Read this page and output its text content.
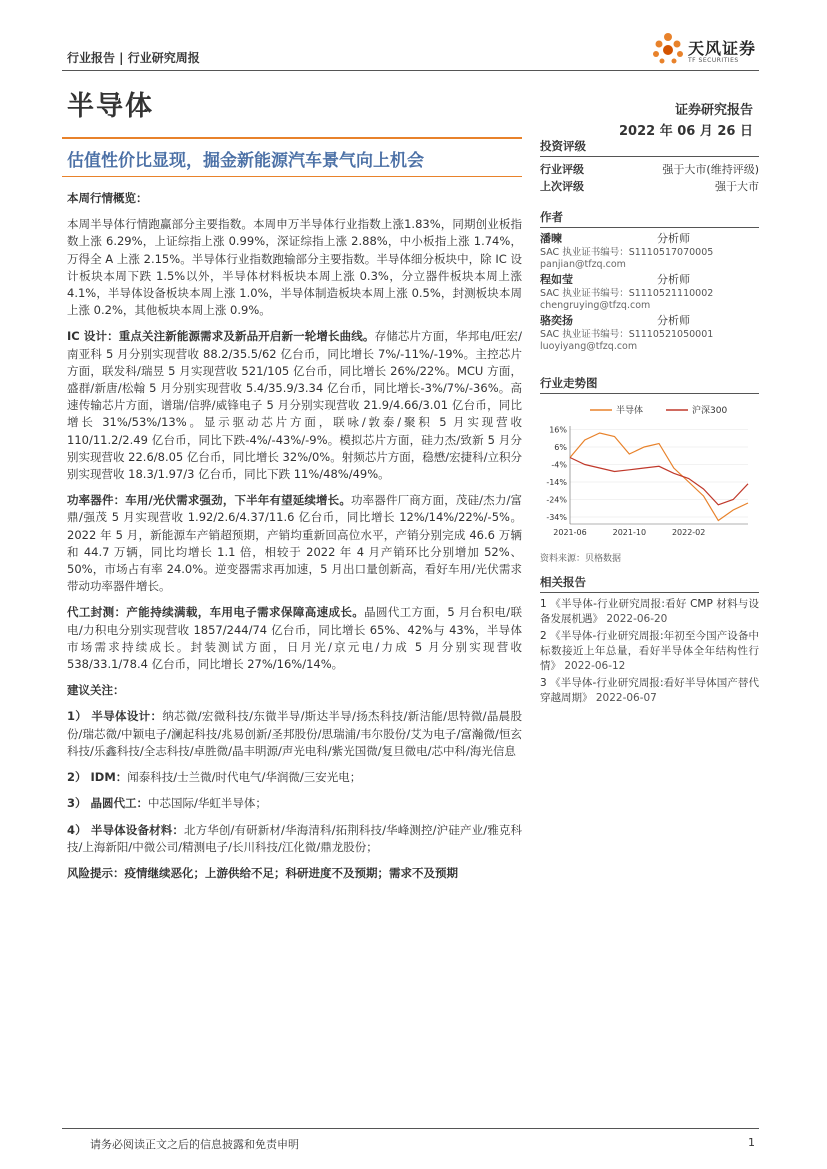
行业报告 | 行业研究周报	天风证券
TF SECURITIES
半导体	证券研究报告
2022 年 06 月 26 日
估值性价比显现，掘金新能源汽车景气向上机会

本周行情概览：

本周半导体行情跑赢部分主要指数。本周申万半导体行业指数上涨1.83%，同期创业板指数上涨 6.29%，上证综指上涨 0.99%，深证综指上涨 2.88%，中小板指上涨 1.74%，万得全 A 上涨 2.15%。半导体行业指数跑输部分主要指数。半导体细分板块中，除 IC 设计板块本周下跌 1.5%以外，半导体材料板块本周上涨 0.3%，分立器件板块本周上涨 4.1%，半导体设备板块本周上涨 1.0%，半导体制造板块本周上涨 0.5%，封测板块本周上涨 0.2%，其他板块本周上涨 0.9%。

IC 设计：重点关注新能源需求及新品开启新一轮增长曲线。存储芯片方面，华邦电/旺宏/南亚科 5 月分别实现营收 88.2/35.5/62 亿台币，同比增长 7%/-11%/-19%。主控芯片方面，联发科/瑞昱 5 月实现营收 521/105 亿台币，同比增长 26%/22%。MCU 方面，盛群/新唐/松翰 5 月分别实现营收 5.4/35.9/3.34 亿台币，同比增长-3%/7%/-36%。高速传输芯片方面，谱瑞/信骅/威锋电子 5 月分别实现营收 21.9/4.66/3.01 亿台币，同比增长 31%/53%/13%。显示驱动芯片方面，联咏/敦泰/聚积 5 月实现营收 110/11.2/2.49 亿台币，同比下跌-4%/-43%/-9%。模拟芯片方面，硅力杰/致新 5 月分别实现营收 22.6/8.05 亿台币，同比增长 32%/0%。射频芯片方面，稳懋/宏捷科/立积分别实现营收 18.3/1.97/3 亿台币，同比下跌 11%/48%/49%。

功率器件：车用/光伏需求强劲，下半年有望延续增长。功率器件厂商方面，茂硅/杰力/富鼎/强茂 5 月实现营收 1.92/2.6/4.37/11.6 亿台币，同比增长 12%/14%/22%/-5%。2022 年 5 月，新能源车产销超预期，产销均重新回高位水平，产销分别完成 46.6 万辆和 44.7 万辆，同比均增长 1.1 倍，相较于 2022 年 4 月产销环比分别增加 52%、50%，市场占有率 24.0%。逆变器需求再加速，5 月出口量创新高，看好车用/光伏需求带动功率器件增长。

代工封测：产能持续满载，车用电子需求保障高速成长。晶圆代工方面，5 月台积电/联电/力积电分别实现营收 1857/244/74 亿台币，同比增长 65%、42%与 43%，半导体市场需求持续成长。封装测试方面，日月光/京元电/力成 5 月分别实现营收 538/33.1/78.4 亿台币，同比增长 27%/16%/14%。

建议关注：

1） 半导体设计：纳芯微/宏微科技/东微半导/斯达半导/扬杰科技/新洁能/思特微/晶晨股份/瑞芯微/中颖电子/澜起科技/兆易创新/圣邦股份/思瑞浦/韦尔股份/艾为电子/富瀚微/恒玄科技/乐鑫科技/全志科技/卓胜微/晶丰明源/声光电科/紫光国微/复旦微电/芯中科/海光信息

2） IDM：闻泰科技/士兰微/时代电气/华润微/三安光电；

3） 晶圆代工：中芯国际/华虹半导体；

4） 半导体设备材料：北方华创/有研新材/华海清科/拓荆科技/华峰测控/沪硅产业/雅克科技/上海新阳/中微公司/精测电子/长川科技/江化微/鼎龙股份；

风险提示：疫情继续恶化；上游供给不足；科研进度不及预期；需求不及预期

投资评级
行业评级	强于大市(维持评级)
上次评级	强于大市
作者
潘暕	分析师
SAC 执业证书编号：S1110517070005
panjian@tfzq.com
程如莹	分析师
SAC 执业证书编号：S1110521110002
chengruying@tfzq.com
骆奕扬	分析师
SAC 执业证书编号：S1110521050001
luoyiyang@tfzq.com
行业走势图
半导体	沪深300
16%
6%
-4%
-14%
-24%
-34%
2021-06	2021-10	2022-02
资料来源：贝格数据
相关报告
1 《半导体-行业研究周报:看好 CMP 材料与设备发展机遇》 2022-06-20
2 《半导体-行业研究周报:年初至今国产设备中标数接近上年总量，看好半导体全年结构性行情》 2022-06-12
3 《半导体-行业研究周报:看好半导体国产替代穿越周期》 2022-06-07
请务必阅读正文之后的信息披露和免责申明	1
